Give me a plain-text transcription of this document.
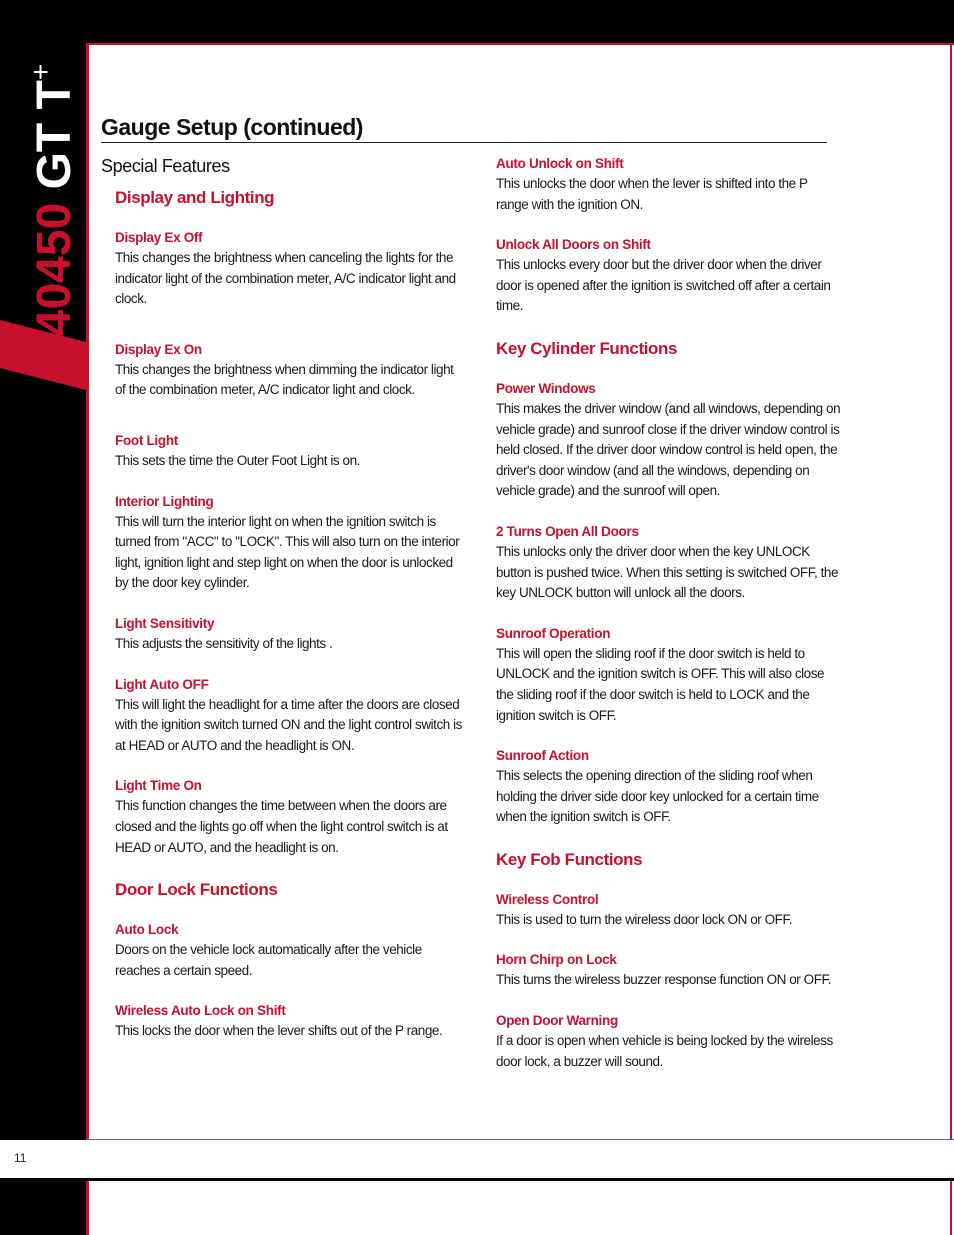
40450 GT T+
11
Gauge Setup (continued)
Special Features
Display and Lighting
Display Ex Off

This changes the brightness when canceling the lights for the indicator light of the combination meter, A/C indicator light and clock.

Display Ex On

This changes the brightness when dimming the indicator light of the combination meter, A/C indicator light and clock.

Foot Light

This sets the time the Outer Foot Light is on.

Interior Lighting

This will turn the interior light on when the ignition switch is turned from "ACC" to "LOCK". This will also turn on the interior light, ignition light and step light on when the door is unlocked by the door key cylinder.

Light Sensitivity

This adjusts the sensitivity of the lights .

Light Auto OFF

This will light the headlight for a time after the doors are closed with the ignition switch turned ON and the light control switch is at HEAD or AUTO and the headlight is ON.

Light Time On

This function changes the time between when the doors are closed and the lights go off when the light control switch is at HEAD or AUTO, and the headlight is on.

Door Lock Functions
Auto Lock

Doors on the vehicle lock automatically after the vehicle reaches a certain speed.

Wireless Auto Lock on Shift

This locks the door when the lever shifts out of the P range.

Auto Unlock on Shift

This unlocks the door when the lever is shifted into the P range with the ignition ON.

Unlock All Doors on Shift

This unlocks every door but the driver door when the driver door is opened after the ignition is switched off after a certain time.

Key Cylinder Functions
Power Windows

This makes the driver window (and all windows, depending on vehicle grade) and sunroof close if the driver window control is held closed. If the driver door window control is held open, the driver's door window (and all the windows, depending on vehicle grade) and the sunroof will open.

2 Turns Open All Doors

This unlocks only the driver door when the key UNLOCK button is pushed twice. When this setting is switched OFF, the key UNLOCK button will unlock all the doors.

Sunroof Operation

This will open the sliding roof if the door switch is held to UNLOCK and the ignition switch is OFF. This will also close the sliding roof if the door switch is held to LOCK and the ignition switch is OFF.

Sunroof Action

This selects the opening direction of the sliding roof when holding the driver side door key unlocked for a certain time when the ignition switch is OFF.

Key Fob Functions
Wireless Control

This is used to turn the wireless door lock ON or OFF.

Horn Chirp on Lock

This turns the wireless buzzer response function ON or OFF.

Open Door Warning

If a door is open when vehicle is being locked by the wireless door lock, a buzzer will sound.
